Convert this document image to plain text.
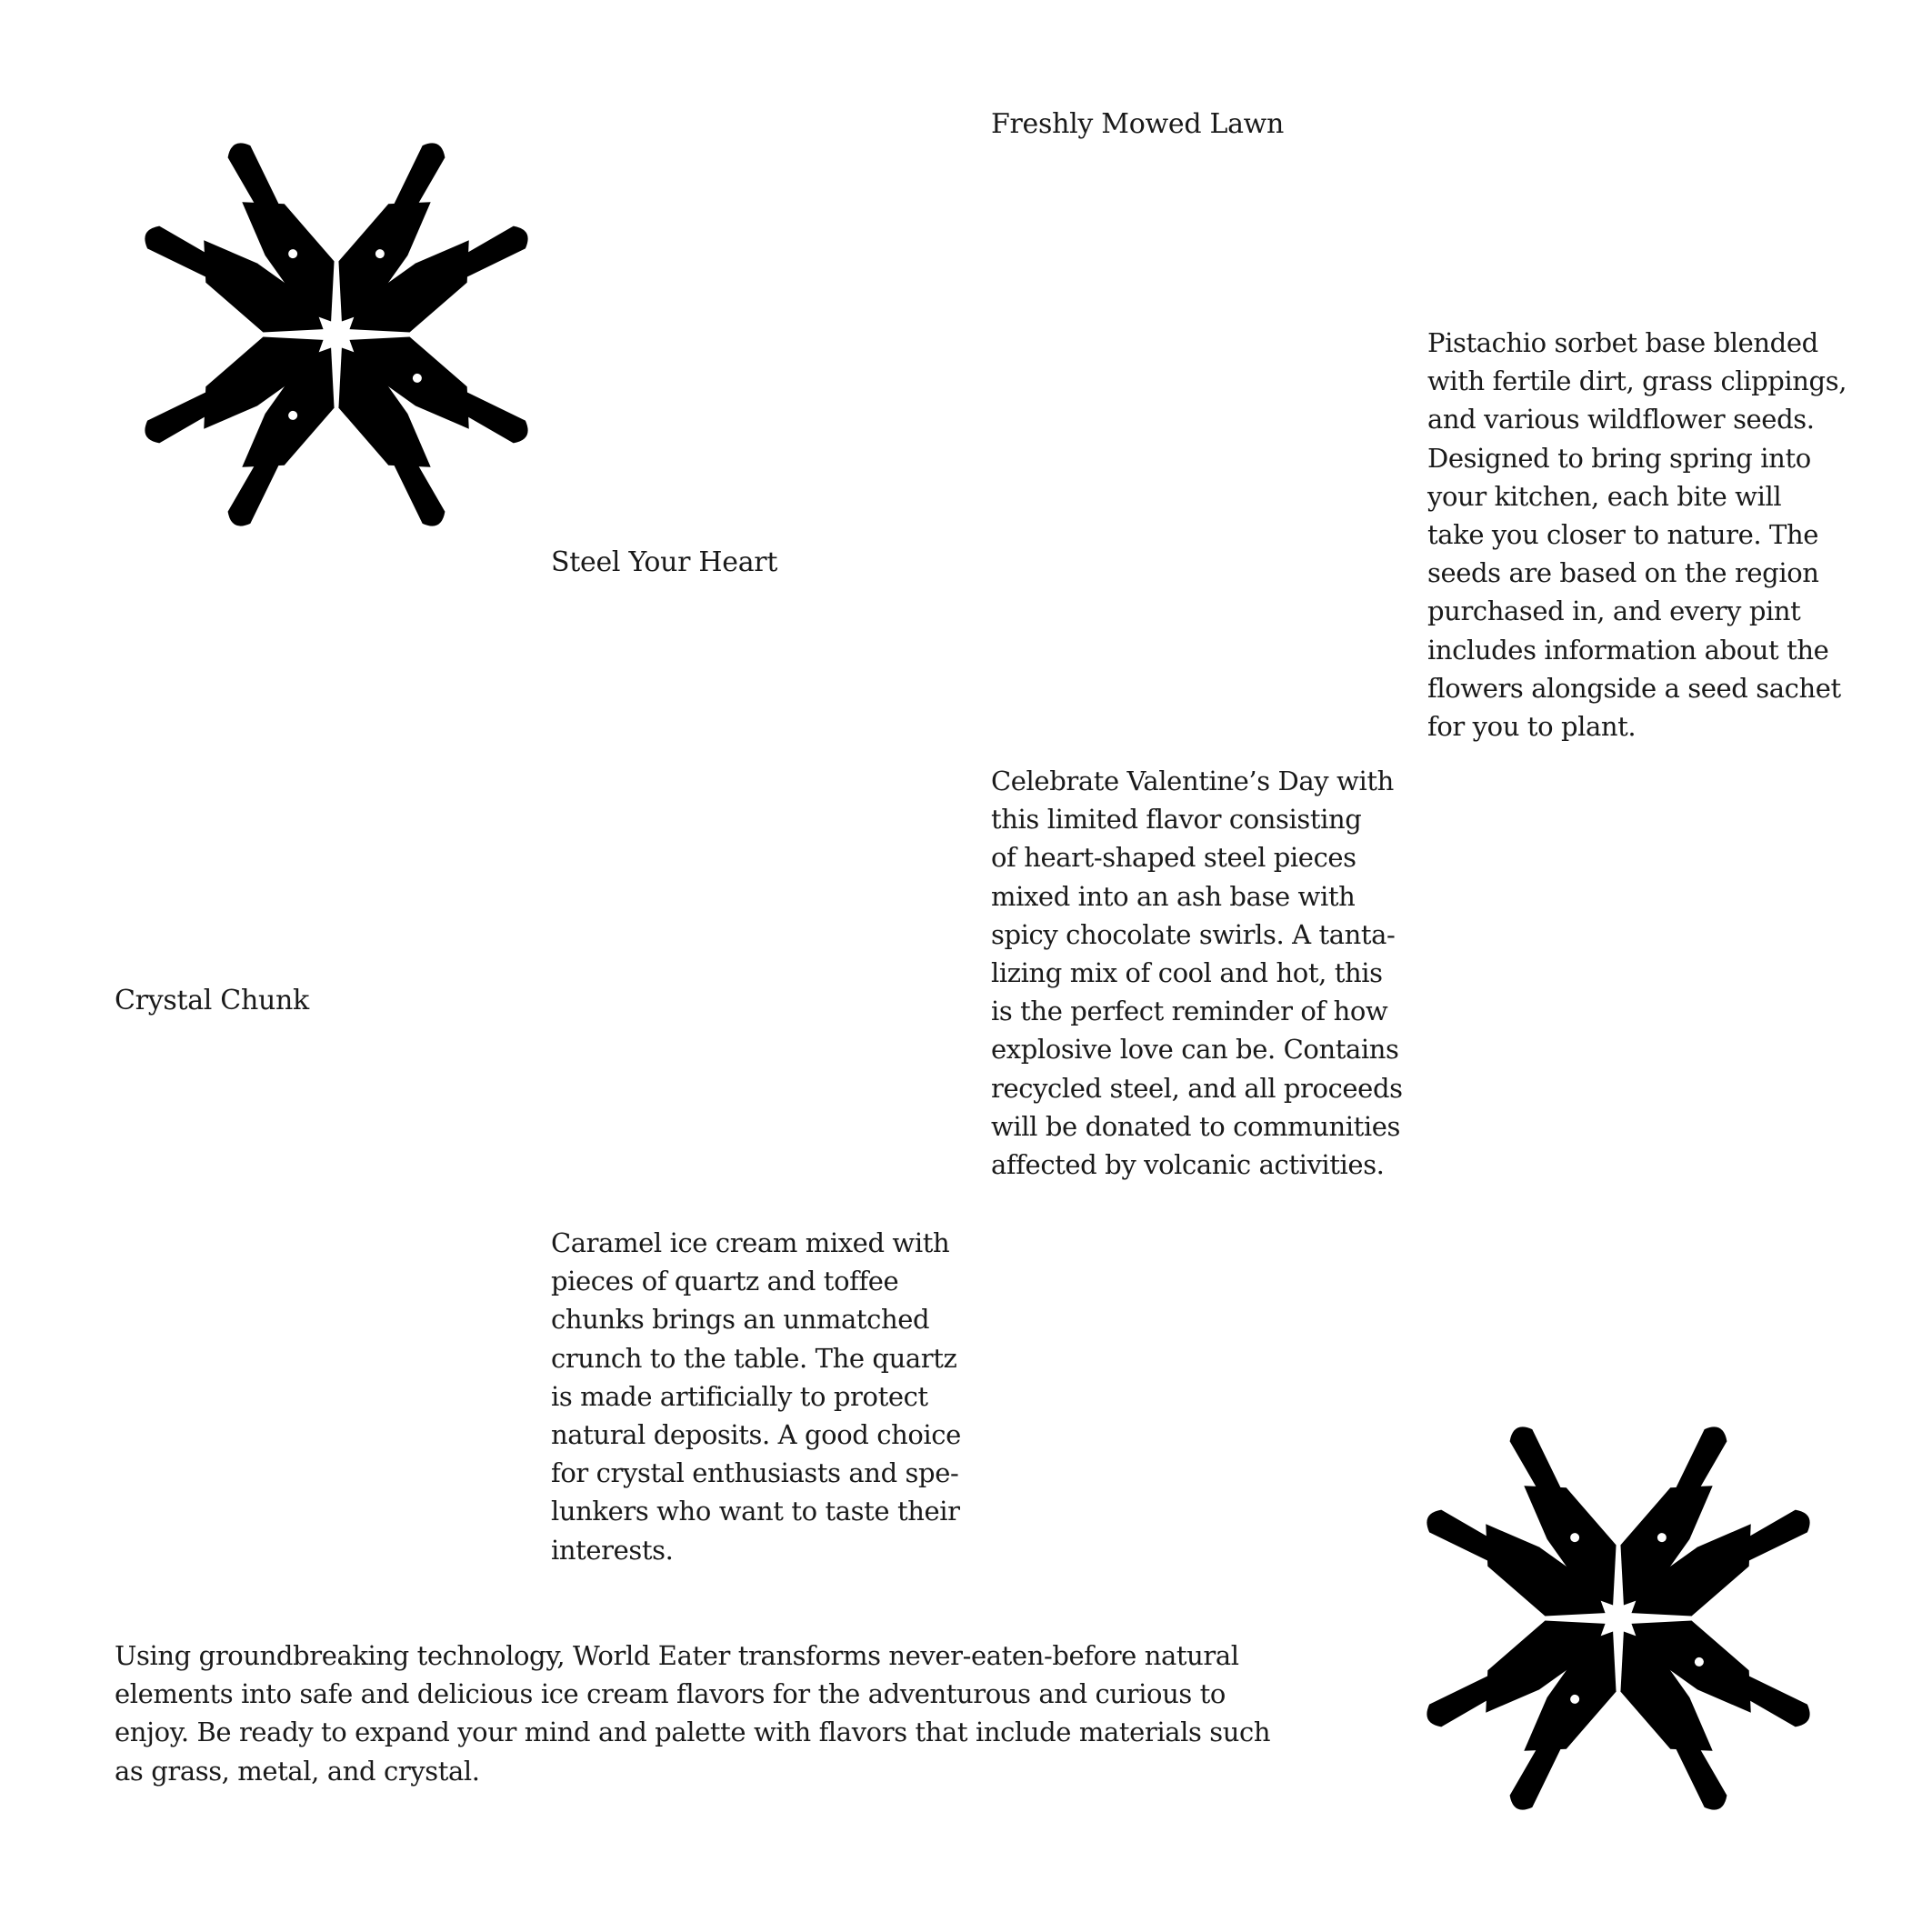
Freshly Mowed Lawn
Steel Your Heart
Crystal Chunk

Pistachio sorbet base blended
with fertile dirt, grass clippings,
and various wildflower seeds.
Designed to bring spring into
your kitchen, each bite will
take you closer to nature. The
seeds are based on the region
purchased in, and every pint
includes information about the
flowers alongside a seed sachet
for you to plant.

Celebrate Valentine’s Day with
this limited flavor consisting
of heart-shaped steel pieces
mixed into an ash base with
spicy chocolate swirls. A tanta-
lizing mix of cool and hot, this
is the perfect reminder of how
explosive love can be. Contains
recycled steel, and all proceeds
will be donated to communities
affected by volcanic activities.

Caramel ice cream mixed with
pieces of quartz and toffee
chunks brings an unmatched
crunch to the table. The quartz
is made artificially to protect
natural deposits. A good choice
for crystal enthusiasts and spe-
lunkers who want to taste their
interests.

Using groundbreaking technology, World Eater transforms never-eaten-before natural
elements into safe and delicious ice cream flavors for the adventurous and curious to
enjoy. Be ready to expand your mind and palette with flavors that include materials such
as grass, metal, and crystal.
